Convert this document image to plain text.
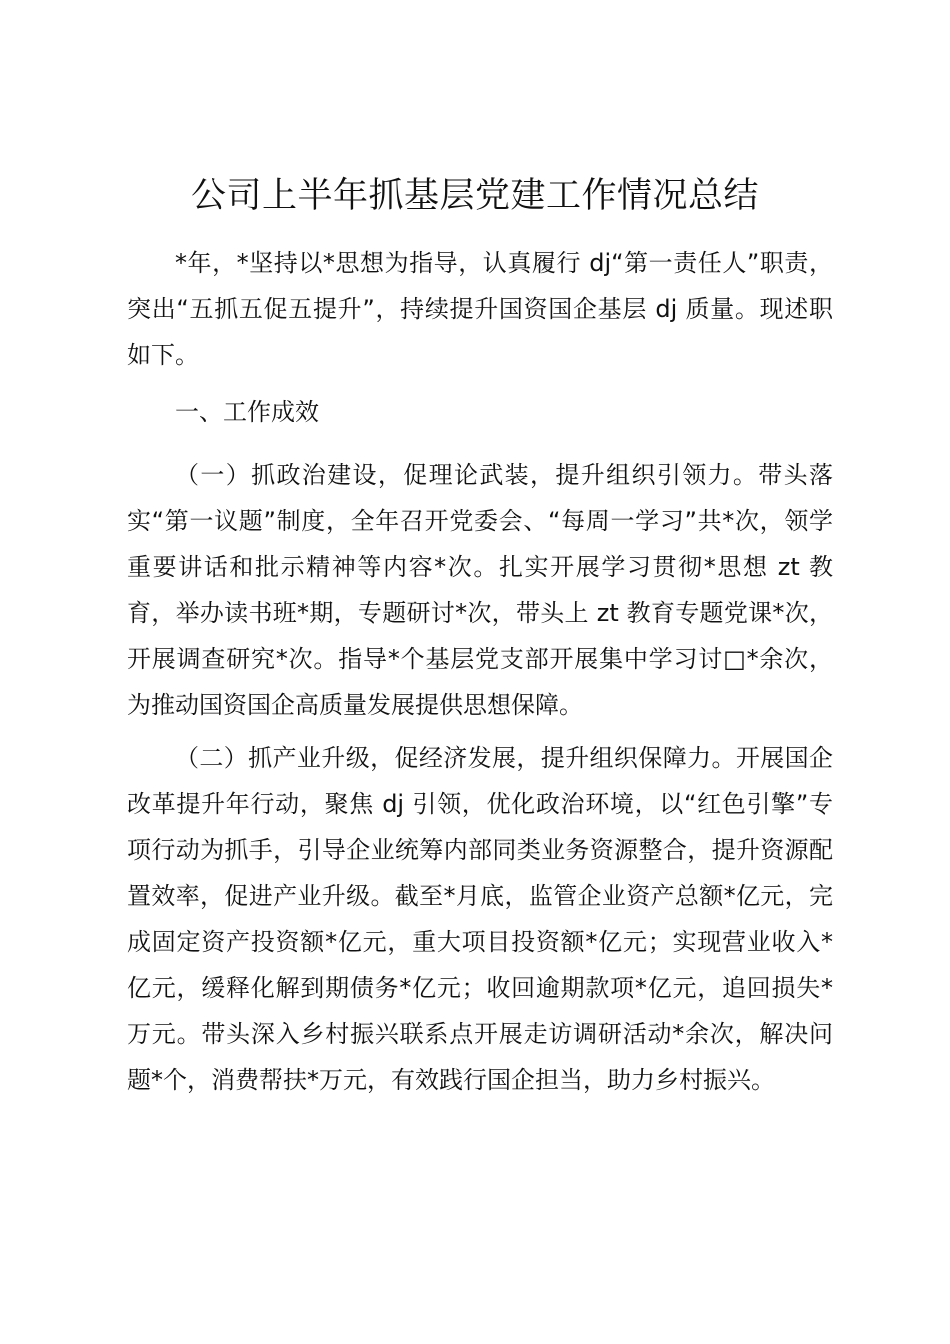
公司上半年抓基层党建工作情况总结

*年，*坚持以*思想为指导，认真履行 dj“第一责任人”职责，突出“五抓五促五提升”，持续提升国资国企基层 dj 质量。现述职如下。

一、工作成效

（一）抓政治建设，促理论武装，提升组织引领力。带头落实“第一议题”制度，全年召开党委会、“每周一学习”共*次，领学重要讲话和批示精神等内容*次。扎实开展学习贯彻*思想 zt 教育，举办读书班*期，专题研讨*次，带头上 zt 教育专题党课*次，开展调查研究*次。指导*个基层党支部开展集中学习讨□*余次，为推动国资国企高质量发展提供思想保障。

（二）抓产业升级，促经济发展，提升组织保障力。开展国企改革提升年行动，聚焦 dj 引领，优化政治环境，以“红色引擎”专项行动为抓手，引导企业统筹内部同类业务资源整合，提升资源配置效率，促进产业升级。截至*月底，监管企业资产总额*亿元，完成固定资产投资额*亿元，重大项目投资额*亿元；实现营业收入*亿元，缓释化解到期债务*亿元；收回逾期款项*亿元，追回损失*万元。带头深入乡村振兴联系点开展走访调研活动*余次，解决问题*个，消费帮扶*万元，有效践行国企担当，助力乡村振兴。
